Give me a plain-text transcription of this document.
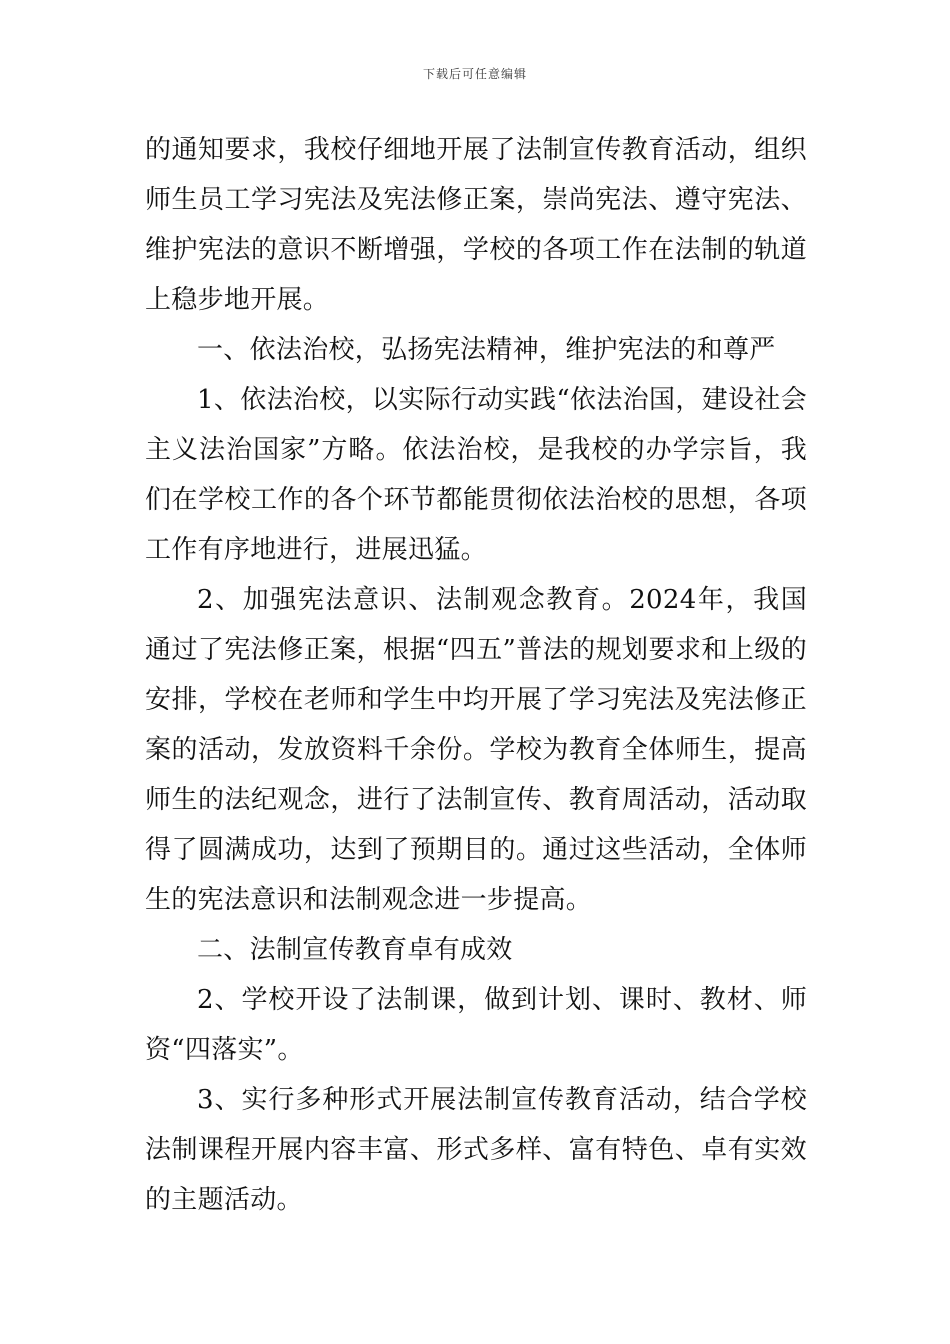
下载后可任意编辑

的通知要求，我校仔细地开展了法制宣传教育活动，组织师生员工学习宪法及宪法修正案，崇尚宪法、遵守宪法、维护宪法的意识不断增强，学校的各项工作在法制的轨道上稳步地开展。

一、依法治校，弘扬宪法精神，维护宪法的和尊严

1、依法治校，以实际行动实践“依法治国，建设社会主义法治国家”方略。依法治校，是我校的办学宗旨，我们在学校工作的各个环节都能贯彻依法治校的思想，各项工作有序地进行，进展迅猛。

2、加强宪法意识、法制观念教育。2024年，我国通过了宪法修正案，根据“四五”普法的规划要求和上级的安排，学校在老师和学生中均开展了学习宪法及宪法修正案的活动，发放资料千余份。学校为教育全体师生，提高师生的法纪观念，进行了法制宣传、教育周活动，活动取得了圆满成功，达到了预期目的。通过这些活动，全体师生的宪法意识和法制观念进一步提高。

二、法制宣传教育卓有成效

2、学校开设了法制课，做到计划、课时、教材、师资“四落实”。

3、实行多种形式开展法制宣传教育活动，结合学校法制课程开展内容丰富、形式多样、富有特色、卓有实效的主题活动。
